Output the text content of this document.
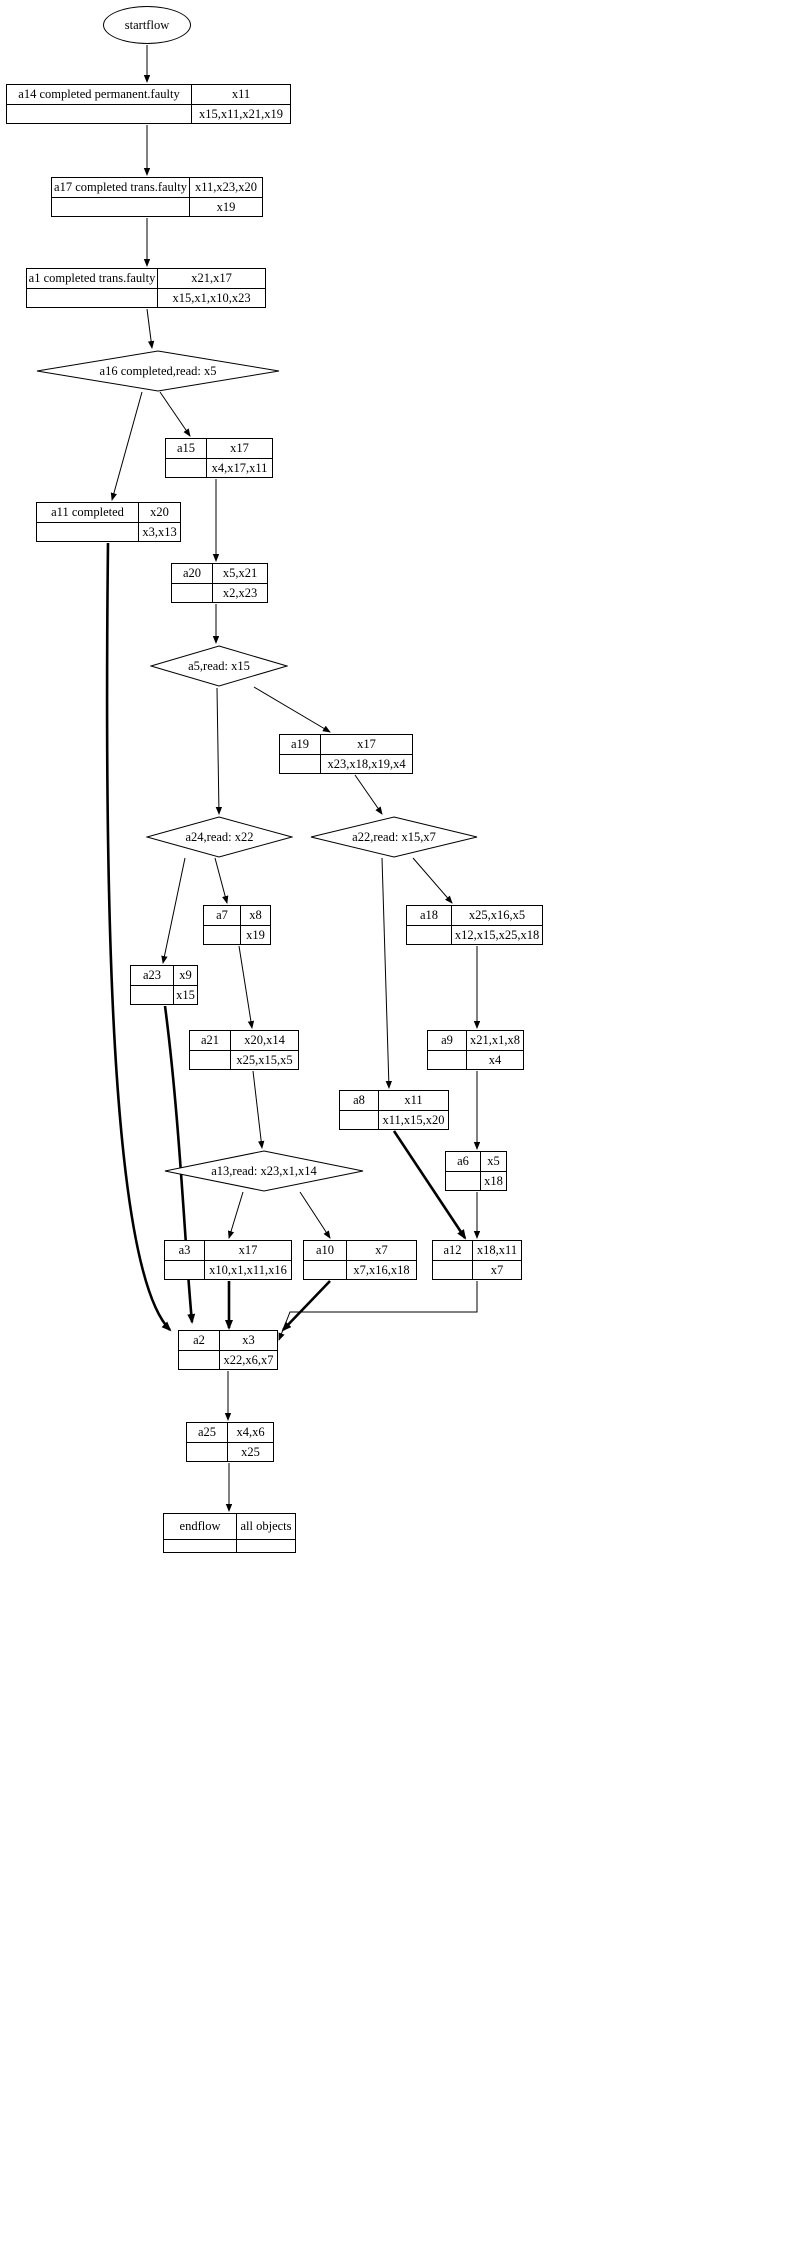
startflow
a14 completed permanent.faulty	x11
x15,x11,x21,x19
a17 completed trans.faulty x11,x23,x20
x19
a1 completed trans.faulty	x21,x17
x15,x1,x10,x23
a16 completed,read: x5
a15	x17
x4,x17,x11
a11 completed	x20
x3,x13
a20	x5,x21
x2,x23
a5,read: x15
a19	x17
x23,x18,x19,x4
a24,read: x22	a22,read: x15,x7
a7	x8
x19
a18	x25,x16,x5
x12,x15,x25,x18
a23	x9
x15
a9	x21,x1,x8
x4
a21	x20,x14
x25,x15,x5
a8	x11
x11,x15,x20
a6	x5
x18
a13,read: x23,x1,x14
a3	x17
x10,x1,x11,x16
a10	x7
x7,x16,x18
a12	x18,x11
x7
a2	x3
x22,x6,x7
a25	x4,x6
x25
endflow	all objects
